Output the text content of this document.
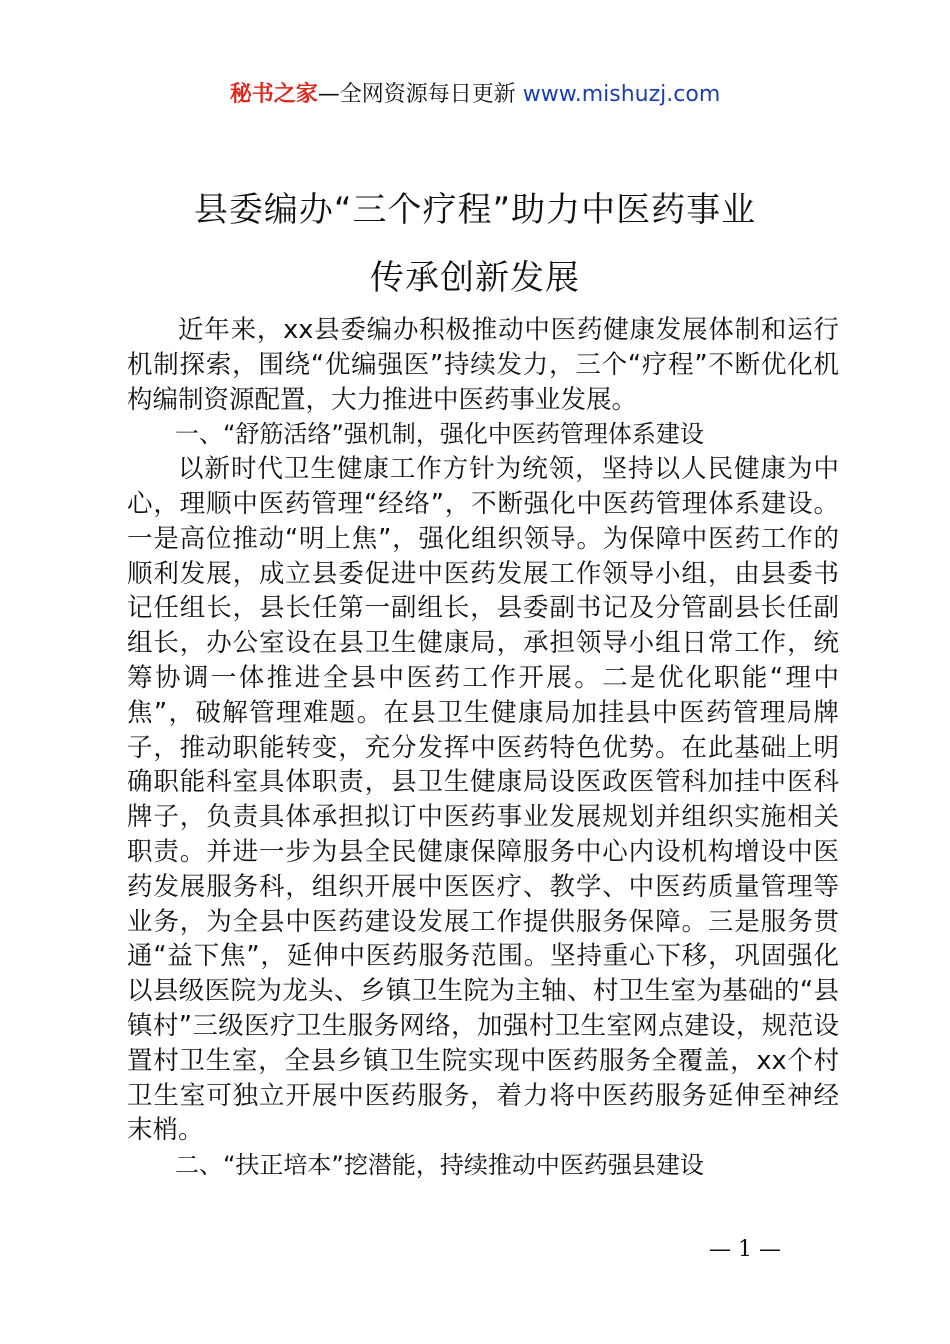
秘书之家—全网资源每日更新 www.mishuzj.com
县委编办“三个疗程”助力中医药事业
传承创新发展

近年来，xx县委编办积极推动中医药健康发展体制和运行机制探索，围绕“优编强医”持续发力，三个“疗程”不断优化机构编制资源配置，大力推进中医药事业发展。

一、“舒筋活络”强机制，强化中医药管理体系建设

以新时代卫生健康工作方针为统领，坚持以人民健康为中心，理顺中医药管理“经络”，不断强化中医药管理体系建设。一是高位推动“明上焦”，强化组织领导。为保障中医药工作的顺利发展，成立县委促进中医药发展工作领导小组，由县委书记任组长，县长任第一副组长，县委副书记及分管副县长任副组长，办公室设在县卫生健康局，承担领导小组日常工作，统筹协调一体推进全县中医药工作开展。二是优化职能“理中焦”，破解管理难题。在县卫生健康局加挂县中医药管理局牌子，推动职能转变，充分发挥中医药特色优势。在此基础上明确职能科室具体职责，县卫生健康局设医政医管科加挂中医科牌子，负责具体承担拟订中医药事业发展规划并组织实施相关职责。并进一步为县全民健康保障服务中心内设机构增设中医药发展服务科，组织开展中医医疗、教学、中医药质量管理等业务，为全县中医药建设发展工作提供服务保障。三是服务贯通“益下焦”，延伸中医药服务范围。坚持重心下移，巩固强化以县级医院为龙头、乡镇卫生院为主轴、村卫生室为基础的“县镇村”三级医疗卫生服务网络，加强村卫生室网点建设，规范设置村卫生室，全县乡镇卫生院实现中医药服务全覆盖，xx个村卫生室可独立开展中医药服务，着力将中医药服务延伸至神经末梢。

二、“扶正培本”挖潜能，持续推动中医药强县建设

— 1 —
